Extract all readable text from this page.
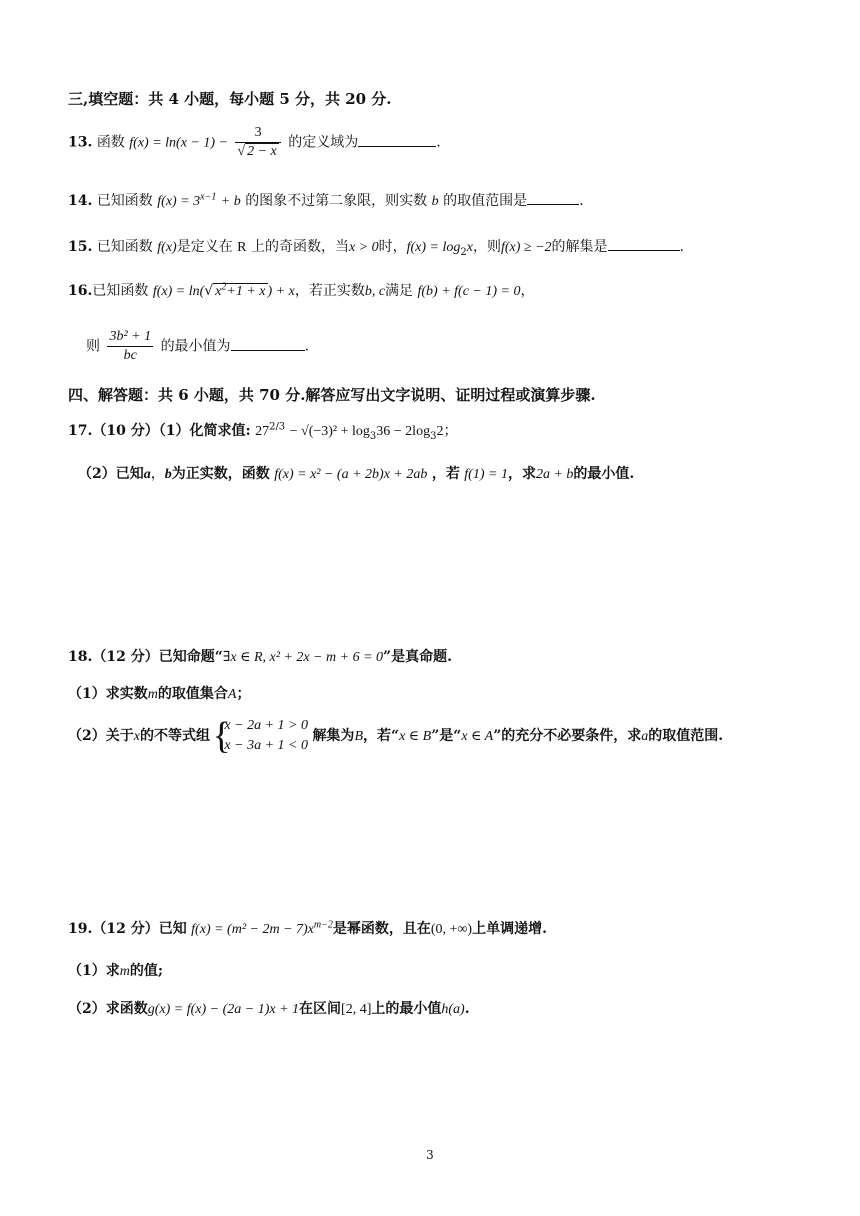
三,填空题：共 4 小题，每小题 5 分，共 20 分.
13. 函数 $f(x) = \ln(x - 1) - \frac{3}{√ 2 - x}$ 的定义域为	.
14. 已知函数 $f(x) = 3^{x-1} + b$ 的图象不过第二象限，则实数 b 的取值范围是	.
15. 已知函数 f(x)是定义在 R 上的奇函数，当x > 0时，$f(x) = \log_2x$，则f(x) ≥ −2的解集是	.
16.已知函数 f(x) = ln(√ $x^2+1 + x$ ) + x，若正实数b, c满足 f(b) + f(c − 1) = 0，
则 $\frac{\text{3b² + 1}}{bc}$ 的最小值为	.
四、解答题：共 6 小题，共 70 分.解答应写出文字说明、证明过程或演算步骤.
17.（10 分）（1）化简求值: $27^{2/3} - √(-3)^2 + \log_336 - 2\log_32$；
（2）已知a，b为正实数，函数 f(x) = x² − (a + 2b)x + 2ab ，若 f(1) = 1，求2a + b的最小值.
18.（12 分）已知命题“∃x ∈ R, x² + 2x − m + 6 = 0”是真命题.
（1）求实数m的取值集合A；
（2）关于x的不等式组 {
x − 2a + 1 > 0
x − 3a + 1 < 0
解集为B，若“x ∈ B”是“x ∈ A”的充分不必要条件，求a的取值范围.
19.（12 分）已知 $f(x) = (m^2 - 2m - 7)x^{m-2}$是幂函数，且在(0, +∞)上单调递增.
（1）求m的值;
（2）求函数g(x) = f(x) − (2a − 1)x + 1在区间[2, 4]上的最小值h(a).
3
